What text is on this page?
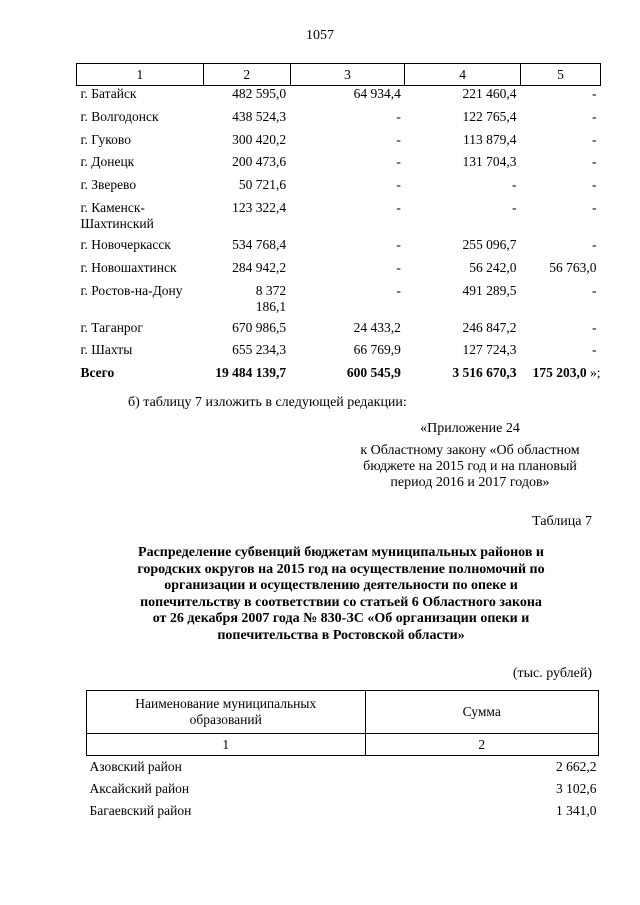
1057
1	2	3	4	5
г. Батайск	482 595,0	64 934,4	221 460,4	-
г. Волгодонск	438 524,3	-	122 765,4	-
г. Гуково	300 420,2	-	113 879,4	-
г. Донецк	200 473,6	-	131 704,3	-
г. Зверево	50 721,6	-	-	-
г. Каменск-
Шахтинский	123 322,4	-	-	-
г. Новочеркасск	534 768,4	-	255 096,7	-
г. Новошахтинск	284 942,2	-	56 242,0	56 763,0
г. Ростов-на-Дону	8 372
186,1	-	491 289,5	-
г. Таганрог	670 986,5	24 433,2	246 847,2	-
г. Шахты	655 234,3	66 769,9	127 724,3	-
Всего	19 484 139,7	600 545,9	3 516 670,3	175 203,0 »;
б) таблицу 7 изложить в следующей редакции:
«Приложение 24
к Областному закону «Об областном
бюджете на 2015 год и на плановый
период 2016 и 2017 годов»
Таблица 7
Распределение субвенций бюджетам муниципальных районов и
городских округов на 2015 год на осуществление полномочий по
организации и осуществлению деятельности по опеке и
попечительству в соответствии со статьей 6 Областного закона
от 26 декабря 2007 года № 830-ЗС «Об организации опеки и
попечительства в Ростовской области»
(тыс. рублей)
Наименование муниципальных
образований	Сумма
1	2
Азовский район	2 662,2
Аксайский район	3 102,6
Багаевский район	1 341,0
